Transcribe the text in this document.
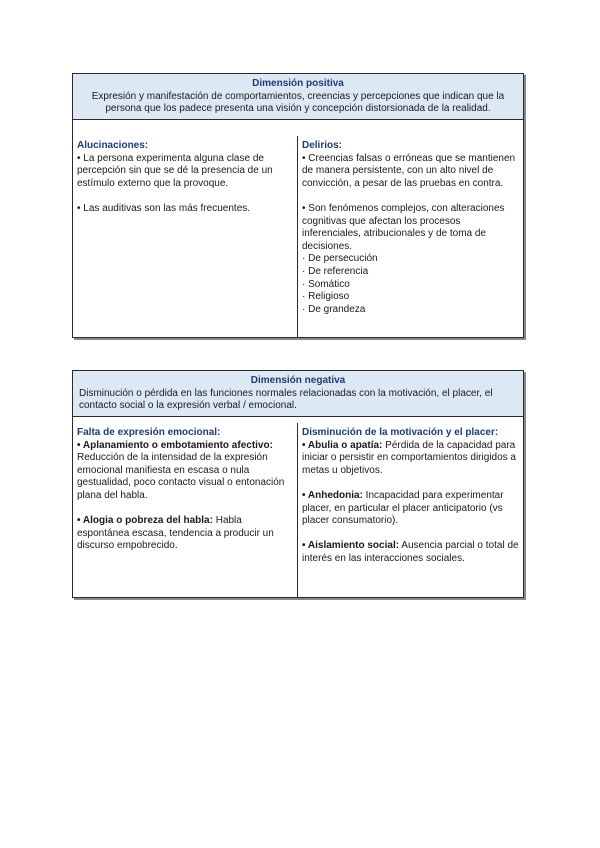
Dimensión positiva
Expresión y manifestación de comportamientos, creencias y percepciones que indican que la persona que los padece presenta una visión y concepción distorsionada de la realidad.
Alucinaciones:

• La persona experimenta alguna clase de percepción sin que se dé la presencia de un estímulo externo que la provoque.

• Las auditivas son las más frecuentes.

Delirios:

• Creencias falsas o erróneas que se mantienen de manera persistente, con un alto nivel de convicción, a pesar de las pruebas en contra.

• Son fenómenos complejos, con alteraciones cognitivas que afectan los procesos inferenciales, atribucionales y de toma de decisiones.

· De persecución
· De referencia
· Somático
· Religioso
· De grandeza
Dimensión negativa
Disminución o pérdida en las funciones normales relacionadas con la motivación, el placer, el contacto social o la expresión verbal / emocional.
Falta de expresión emocional:

• Aplanamiento o embotamiento afectivo: Reducción de la intensidad de la expresión emocional manifiesta en escasa o nula gestualidad, poco contacto visual o entonación plana del habla.

• Alogia o pobreza del habla: Habla espontánea escasa, tendencia a producir un discurso empobrecido.

Disminución de la motivación y el placer:

• Abulia o apatía: Pérdida de la capacidad para iniciar o persistir en comportamientos dirigidos a metas u objetivos.

• Anhedonia: Incapacidad para experimentar placer, en particular el placer anticipatorio (vs placer consumatorio).

• Aislamiento social: Ausencia parcial o total de interés en las interacciones sociales.
